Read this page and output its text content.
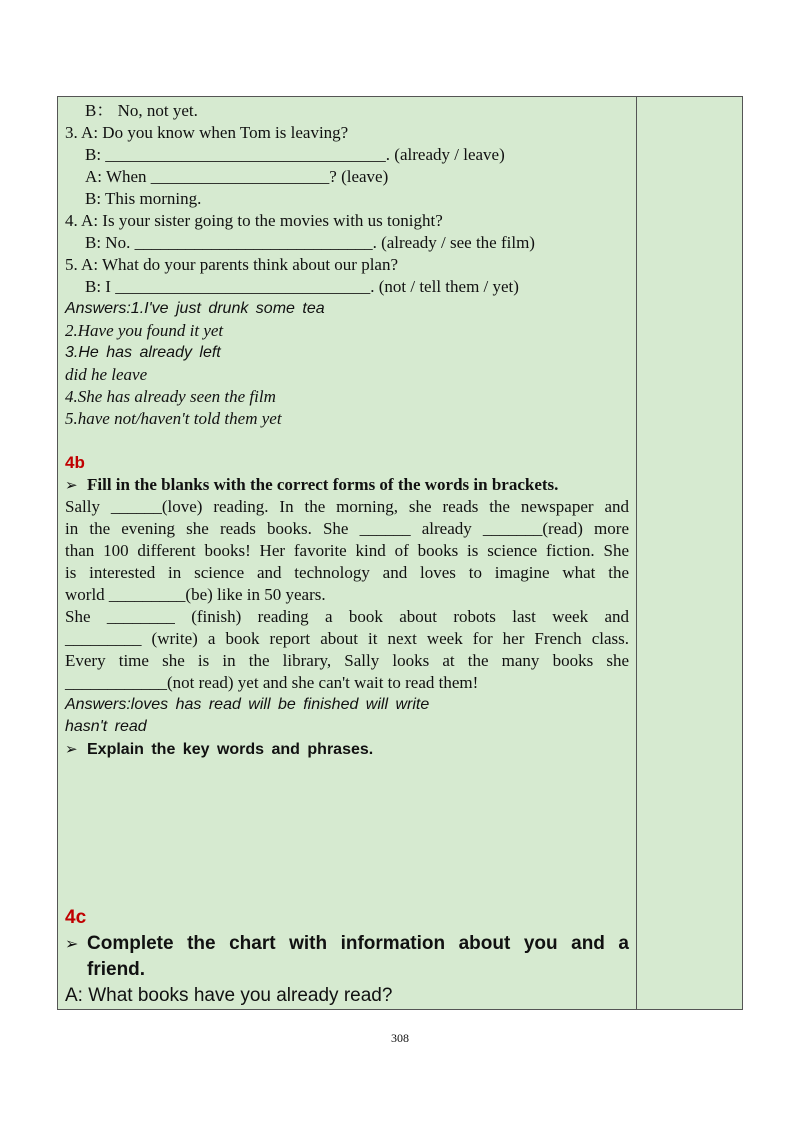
B： No, not yet.
3. A: Do you know when Tom is leaving?
B: _________________________________. (already / leave)
A: When _____________________? (leave)
B: This morning.
4. A: Is your sister going to the movies with us tonight?
B: No. ____________________________. (already / see the film)
5. A: What do your parents think about our plan?
B: I ______________________________. (not / tell them / yet)
Answers:1.I've just drunk some tea
2.Have you found it yet
3.He has already left
did he leave
4.She has already seen the film
5.have not/haven't told them yet
4b
➢ Fill in the blanks with the correct forms of the words in brackets.
Sally ______(love) reading. In the morning, she reads the newspaper and
in the evening she reads books. She ______ already _______(read) more
than 100 different books! Her favorite kind of books is science fiction. She
is interested in science and technology and loves to imagine what the
world _________(be) like in 50 years.
She ________ (finish) reading a book about robots last week and
_________ (write) a book report about it next week for her French class.
Every time she is in the library, Sally looks at the many books she
____________(not read) yet and she can't wait to read them!
Answers:loves has read will be finished will write
hasn't read
➢ Explain the key words and phrases.
4c
➢ Complete the chart with information about you and a
friend.
A: What books have you already read?
308
